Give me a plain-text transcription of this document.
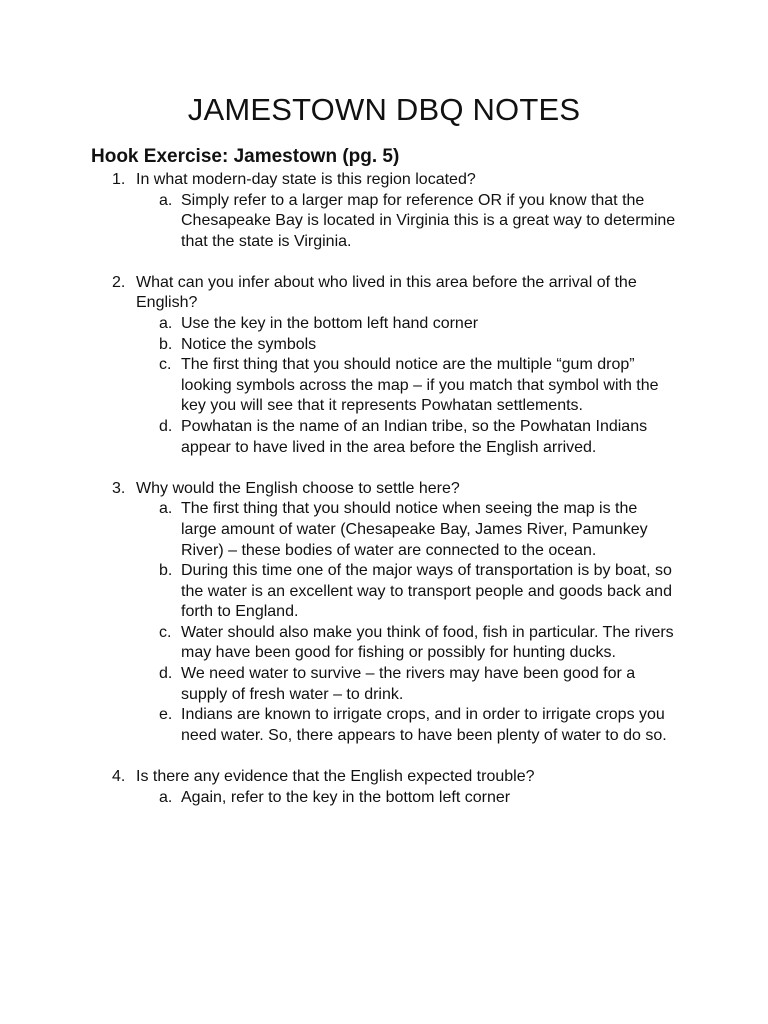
JAMESTOWN DBQ NOTES
Hook Exercise: Jamestown (pg. 5)
1. In what modern-day state is this region located?
a. Simply refer to a larger map for reference OR if you know that the Chesapeake Bay is located in Virginia this is a great way to determine that the state is Virginia.
2. What can you infer about who lived in this area before the arrival of the English?
a. Use the key in the bottom left hand corner
b. Notice the symbols
c. The first thing that you should notice are the multiple “gum drop” looking symbols across the map – if you match that symbol with the key you will see that it represents Powhatan settlements.
d. Powhatan is the name of an Indian tribe, so the Powhatan Indians appear to have lived in the area before the English arrived.
3. Why would the English choose to settle here?
a. The first thing that you should notice when seeing the map is the large amount of water (Chesapeake Bay, James River, Pamunkey River) – these bodies of water are connected to the ocean.
b. During this time one of the major ways of transportation is by boat, so the water is an excellent way to transport people and goods back and forth to England.
c. Water should also make you think of food, fish in particular. The rivers may have been good for fishing or possibly for hunting ducks.
d. We need water to survive – the rivers may have been good for a supply of fresh water – to drink.
e. Indians are known to irrigate crops, and in order to irrigate crops you need water. So, there appears to have been plenty of water to do so.
4. Is there any evidence that the English expected trouble?
a. Again, refer to the key in the bottom left corner
